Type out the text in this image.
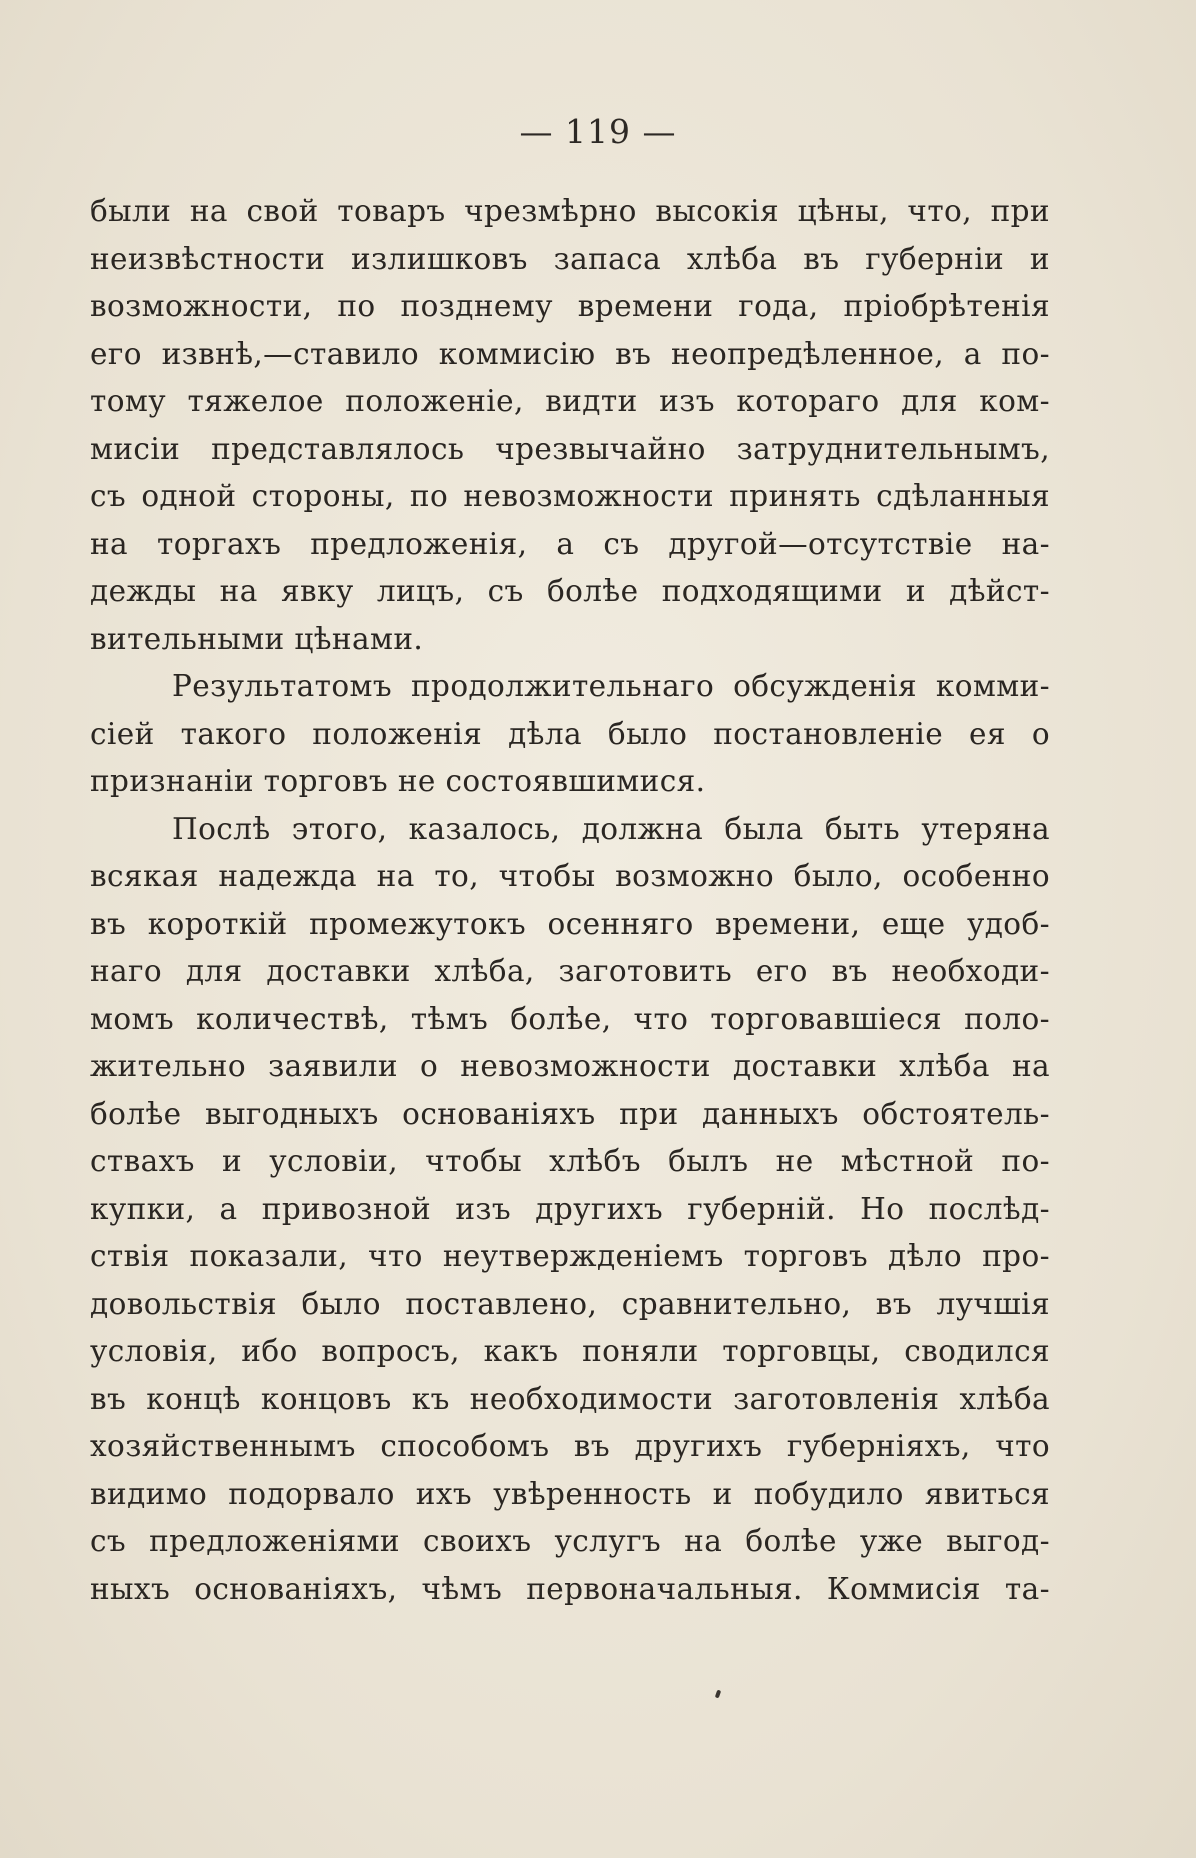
— 119 —
были на свой товаръ чрезмѣрно высокія цѣны, что, при
неизвѣстности излишковъ запаса хлѣба въ губерніи и
возможности, по позднему времени года, пріобрѣтенія
его извнѣ,—ставило коммисію въ неопредѣленное, а по-
тому тяжелое положеніе, видти изъ котораго для ком-
мисіи представлялось чрезвычайно затруднительнымъ,
съ одной стороны, по невозможности принять сдѣланныя
на торгахъ предложенія, а съ другой—отсутствіе на-
дежды на явку лицъ, съ болѣе подходящими и дѣйст-
вительными цѣнами.
Результатомъ продолжительнаго обсужденія комми-
сіей такого положенія дѣла было постановленіе ея о
признаніи торговъ не состоявшимися.
Послѣ этого, казалось, должна была быть утеряна
всякая надежда на то, чтобы возможно было, особенно
въ короткій промежутокъ осенняго времени, еще удоб-
наго для доставки хлѣба, заготовить его въ необходи-
момъ количествѣ, тѣмъ болѣе, что торговавшіеся поло-
жительно заявили о невозможности доставки хлѣба на
болѣе выгодныхъ основаніяхъ при данныхъ обстоятель-
ствахъ и условіи, чтобы хлѣбъ былъ не мѣстной по-
купки, а привозной изъ другихъ губерній. Но послѣд-
ствія показали, что неутвержденіемъ торговъ дѣло про-
довольствія было поставлено, сравнительно, въ лучшія
условія, ибо вопросъ, какъ поняли торговцы, сводился
въ концѣ концовъ къ необходимости заготовленія хлѣба
хозяйственнымъ способомъ въ другихъ губерніяхъ, что
видимо подорвало ихъ увѣренность и побудило явиться
съ предложеніями своихъ услугъ на болѣе уже выгод-
ныхъ основаніяхъ, чѣмъ первоначальныя. Коммисія та-
